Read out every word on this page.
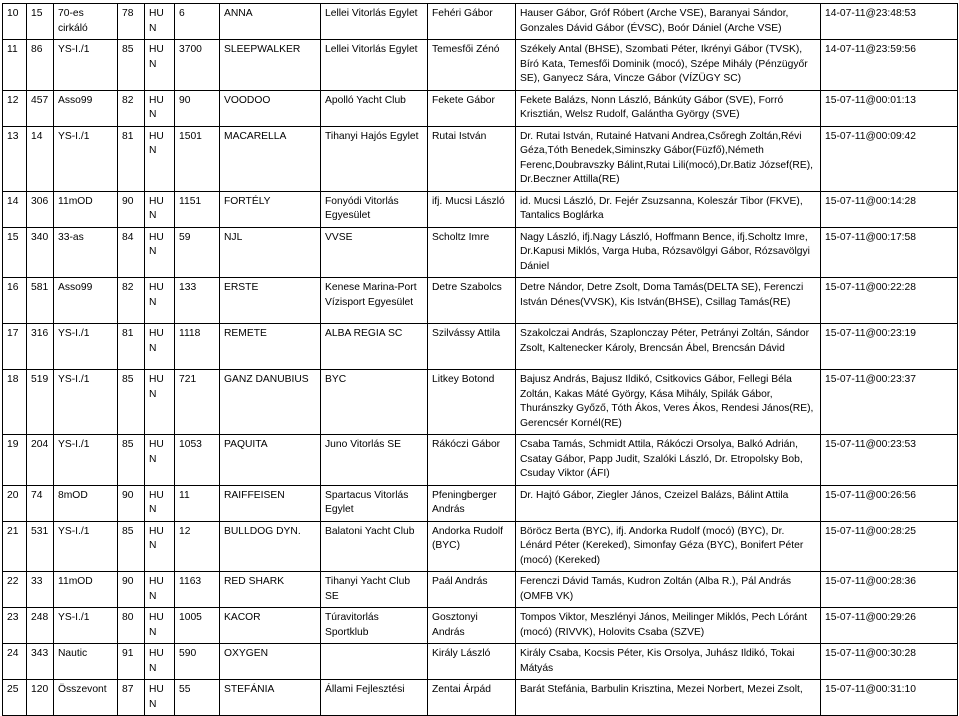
10	15	70-es cirkáló	78	HUN	6	ANNA	Lellei Vitorlás Egylet	Fehéri Gábor	Hauser Gábor, Gróf Róbert (Arche VSE), Baranyai Sándor, Gonzales Dávid Gábor (ÉVSC), Boór Dániel (Arche VSE)	14-07-11@23:48:53
11	86	YS-I./1	85	HUN	3700	SLEEPWALKER	Lellei Vitorlás Egylet	Temesfői Zénó	Székely Antal (BHSE), Szombati Péter, Ikrényi Gábor (TVSK), Bíró Kata, Temesfői Dominik (mocó), Szépe Mihály (Pénzügyőr SE), Ganyecz Sára, Vincze Gábor (VÍZÜGY SC)	14-07-11@23:59:56
12	457	Asso99	82	HUN	90	VOODOO	Apolló Yacht Club	Fekete Gábor	Fekete Balázs, Nonn László, Bánkúty Gábor (SVE), Forró Krisztián, Welsz Rudolf, Galántha György (SVE)	15-07-11@00:01:13
13	14	YS-I./1	81	HUN	1501	MACARELLA	Tihanyi Hajós Egylet	Rutai István	Dr. Rutai István, Rutainé Hatvani Andrea,Csőregh Zoltán,Révi Géza,Tóth Benedek,Siminszky Gábor(Füzfő),Németh Ferenc,Doubravszky Bálint,Rutai Lili(mocó),Dr.Batiz József(RE), Dr.Beczner Attilla(RE)	15-07-11@00:09:42
14	306	11mOD	90	HUN	1151	FORTÉLY	Fonyódi Vitorlás Egyesület	ifj. Mucsi László	id. Mucsi László, Dr. Fejér Zsuzsanna, Koleszár Tibor (FKVE), Tantalics Boglárka	15-07-11@00:14:28
15	340	33-as	84	HUN	59	NJL	VVSE	Scholtz Imre	Nagy László, ifj.Nagy László, Hoffmann Bence, ifj.Scholtz Imre, Dr.Kapusi Miklós, Varga Huba, Rózsavölgyi Gábor, Rózsavölgyi Dániel	15-07-11@00:17:58
16	581	Asso99	82	HUN	133	ERSTE	Kenese Marina-Port Vízisport Egyesület	Detre Szabolcs	Detre Nándor, Detre Zsolt, Doma Tamás(DELTA SE), Ferenczi István Dénes(VVSK), Kis István(BHSE), Csillag Tamás(RE)	15-07-11@00:22:28
17	316	YS-I./1	81	HUN	1118	REMETE	ALBA REGIA SC	Szilvássy Attila	Szakolczai András, Szaplonczay Péter, Petrányi Zoltán, Sándor Zsolt, Kaltenecker Károly, Brencsán Ábel, Brencsán Dávid	15-07-11@00:23:19
18	519	YS-I./1	85	HUN	721	GANZ DANUBIUS	BYC	Litkey Botond	Bajusz András, Bajusz Ildikó, Csitkovics Gábor, Fellegi Béla Zoltán, Kakas Máté György, Kása Mihály, Spilák Gábor, Thuránszky Győző, Tóth Ákos, Veres Ákos, Rendesi János(RE), Gerencsér Kornél(RE)	15-07-11@00:23:37
19	204	YS-I./1	85	HUN	1053	PAQUITA	Juno Vitorlás SE	Rákóczi Gábor	Csaba Tamás, Schmidt Attila, Rákóczi Orsolya, Balkó Adrián, Csatay Gábor, Papp Judit, Szalóki László, Dr. Etropolsky Bob, Csuday Viktor (ÁFI)	15-07-11@00:23:53
20	74	8mOD	90	HUN	11	RAIFFEISEN	Spartacus Vitorlás Egylet	Pfeningberger András	Dr. Hajtó Gábor, Ziegler János, Czeizel Balázs, Bálint Attila	15-07-11@00:26:56
21	531	YS-I./1	85	HUN	12	BULLDOG DYN.	Balatoni Yacht Club	Andorka Rudolf (BYC)	Böröcz Berta (BYC), ifj. Andorka Rudolf (mocó) (BYC), Dr. Lénárd Péter (Kereked), Simonfay Géza (BYC), Bonifert Péter (mocó) (Kereked)	15-07-11@00:28:25
22	33	11mOD	90	HUN	1163	RED SHARK	Tihanyi Yacht Club SE	Paál András	Ferenczi Dávid Tamás, Kudron Zoltán (Alba R.), Pál András (OMFB VK)	15-07-11@00:28:36
23	248	YS-I./1	80	HUN	1005	KACOR	Túravitorlás Sportklub	Gosztonyi András	Tompos Viktor, Meszlényi János, Meilinger Miklós, Pech Lóránt (mocó) (RIVVK), Holovits Csaba (SZVE)	15-07-11@00:29:26
24	343	Nautic	91	HUN	590	OXYGEN		Király László	Király Csaba, Kocsis Péter, Kis Orsolya, Juhász Ildikó, Tokai Mátyás	15-07-11@00:30:28
25	120	Összevont	87	HUN	55	STEFÁNIA	Állami Fejlesztési	Zentai Árpád	Barát Stefánia, Barbulin Krisztina, Mezei Norbert, Mezei Zsolt,	15-07-11@00:31:10
